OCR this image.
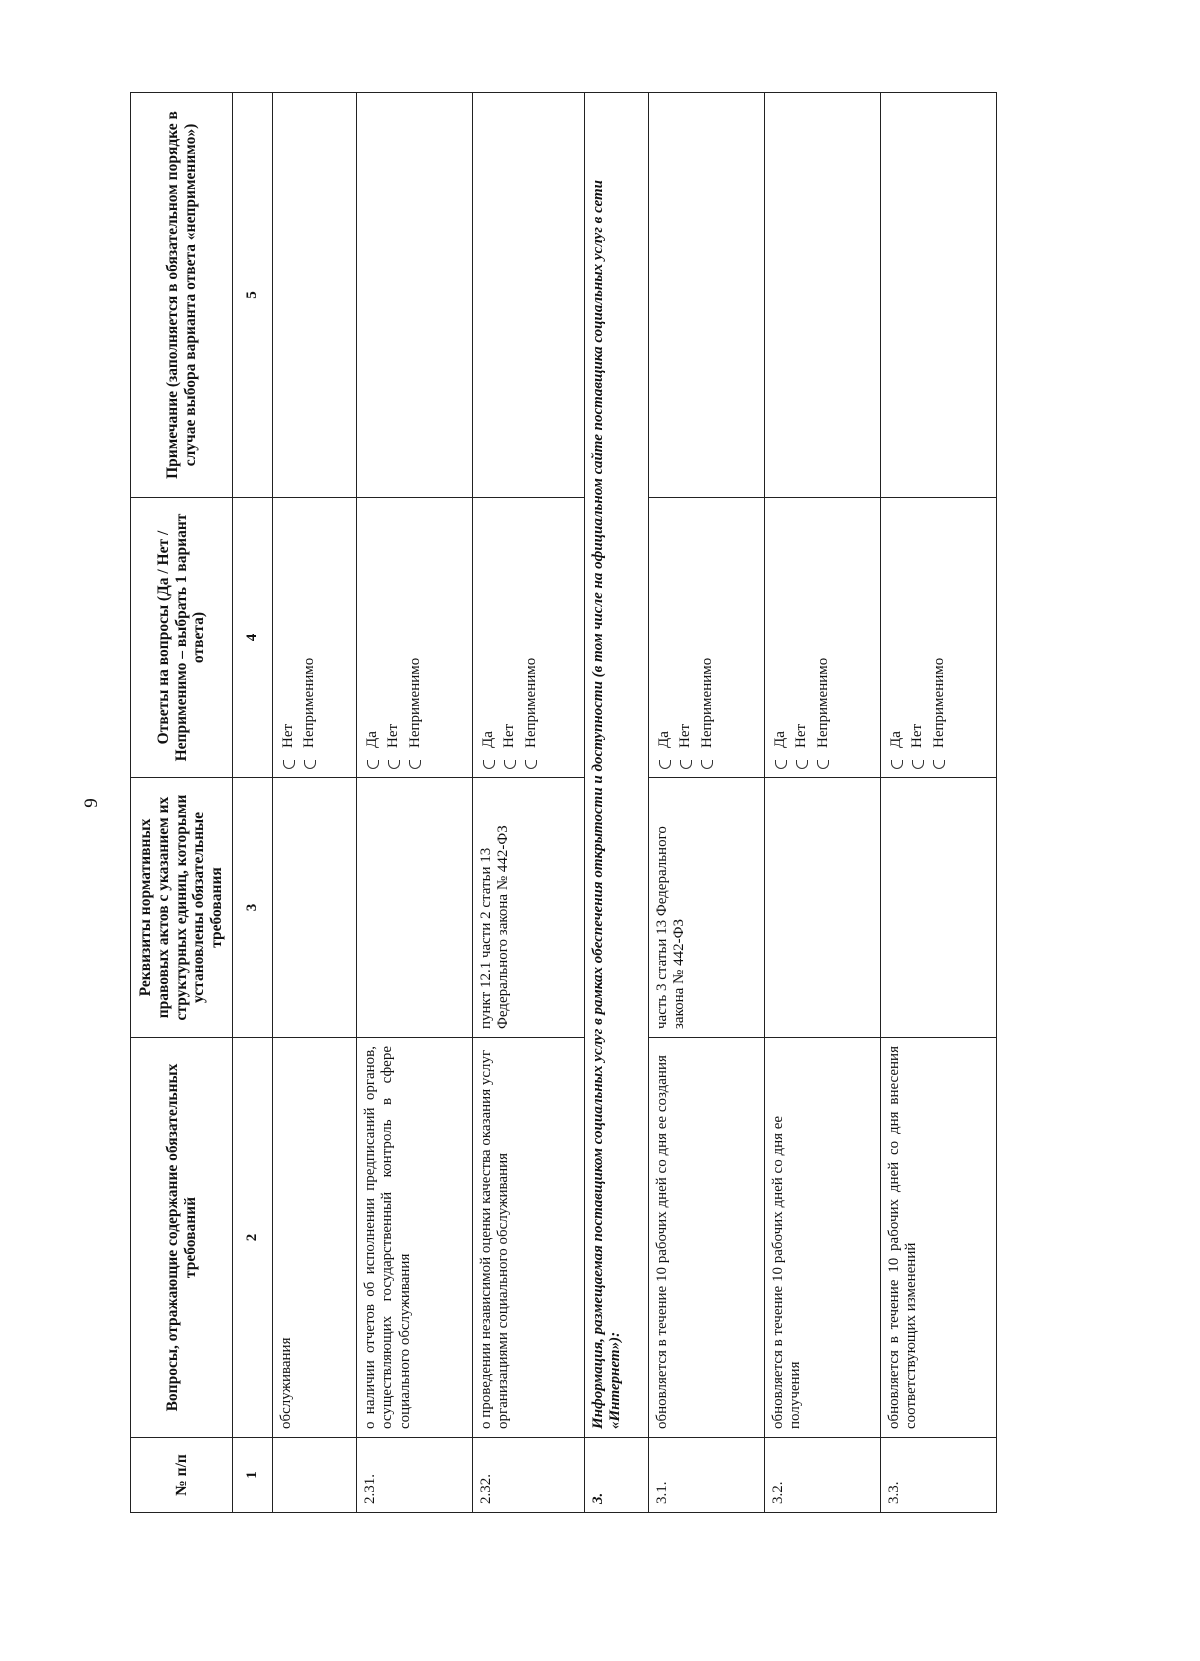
9
№ п/п	Вопросы, отражающие содержание обязательных требований	Реквизиты нормативных правовых актов с указанием их структурных единиц, которыми установлены обязательные требования	Ответы на вопросы (Да / Нет / Неприменимо – выбрать 1 вариант ответа)	Примечание (заполняется в обязательном порядке в случае выбора варианта ответа «неприменимо»)
1	2	3	4	5
	обслуживания		Нет Неприменимо	

2.31.	о наличии отчетов об исполнении предписаний органов, осуществляющих государственный контроль в сфере социального обслуживания		Да Нет Неприменимо	

2.32.	о проведении независимой оценки качества оказания услуг организациями социального обслуживания	пункт 12.1 части 2 статьи 13 Федерального закона № 442-ФЗ	Да Нет Неприменимо	

3.	Информация, размещаемая поставщиком социальных услуг в рамках обеспечения открытости и доступности (в том числе на официальном сайте поставщика социальных услуг в сети «Интернет»):			
3.1.	обновляется в течение 10 рабочих дней со дня ее создания	часть 3 статьи 13 Федерального закона № 442-ФЗ	Да Нет Неприменимо	

3.2.	обновляется в течение 10 рабочих дней со дня ее получения		Да Нет Неприменимо	

3.3.	обновляется в течение 10 рабочих дней со дня внесения соответствующих изменений		Да Нет Неприменимо	
